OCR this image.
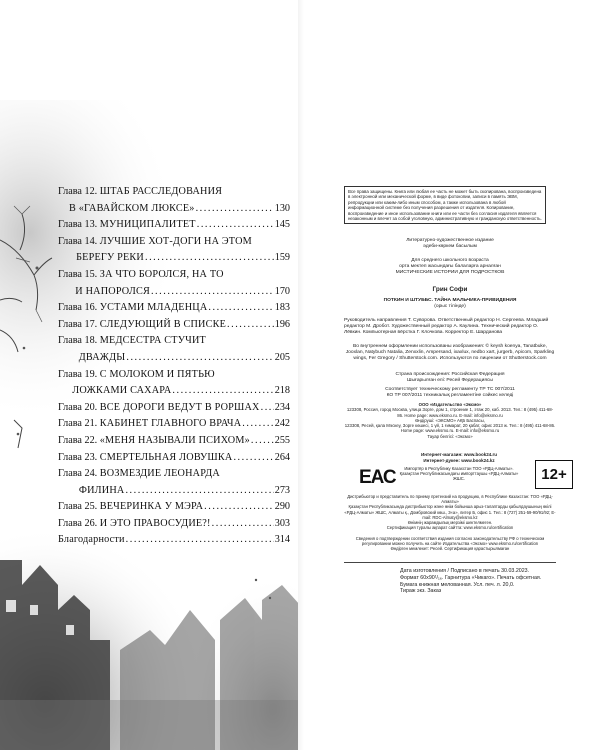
Глава 12. ШТАБ РАССЛЕДОВАНИЯ
В «ГАВАЙСКОМ ЛЮКСЕ» . . .	130
Глава 13. МУНИЦИПАЛИТЕТ . . .	145
Глава 14. ЛУЧШИЕ ХОТ-ДОГИ НА ЭТОМ
БЕРЕГУ РЕКИ . . .	159
Глава 15. ЗА ЧТО БОРОЛСЯ, НА ТО
И НАПОРОЛСЯ . . .	170
Глава 16. УСТАМИ МЛАДЕНЦА . . .	183
Глава 17. СЛЕДУЮЩИЙ В СПИСКЕ . . .	196
Глава 18. МЕДСЕСТРА СТУЧИТ
ДВАЖДЫ . . .	205
Глава 19. С МОЛОКОМ И ПЯТЬЮ
ЛОЖКАМИ САХАРА . . .	218
Глава 20. ВСЕ ДОРОГИ ВЕДУТ В РОРШАХ . . . 234
Глава 21. КАБИНЕТ ГЛАВНОГО ВРАЧА . . .	242
Глава 22. «МЕНЯ НАЗЫВАЛИ ПСИХОМ» . . . 255
Глава 23. СМЕРТЕЛЬНАЯ ЛОВУШКА . . .	264
Глава 24. ВОЗМЕЗДИЕ ЛЕОНАРДА
ФИЛИНА . . .	273
Глава 25. ВЕЧЕРИНКА У МЭРА . . .	290
Глава 26. И ЭТО ПРАВОСУДИЕ?! . . .	303
Благодарности . . .	314
Все права защищены. Книга или любая ее часть не может быть скопирована, воспроизведена в электронной или механической форме, в виде фотокопии, записи в память ЭВМ, репродукции или каким-либо иным способом, а также использована в любой информационной системе без получения разрешения от издателя. Копирование, воспроизведение и иное использование книги или ее части без согласия издателя является незаконным и влечет за собой уголовную, административную и гражданскую ответственность.
Литературно-художественное издание
әдеби-көркем басылым
Для среднего школьного возраста
орта мектеп жасындағы балаларға арналған
МИСТИЧЕСКИЕ ИСТОРИИ ДЛЯ ПОДРОСТКОВ
Грин Софи
ПОТКИН И ШТУББС. ТАЙНА МАЛЬЧИКА-ПРИВИДЕНИЯ
(орыс тілінде)
Руководитель направления Т. Суворова. Ответственный редактор Н. Сергеева. Младший редактор М. Дробот. Художественный редактор А. Каулина. Технический редактор О. Лёвкин. Компьютерная вёрстка Г. Клочкова. Корректор Е. Шарданова
Во внутреннем оформлении использованы изображения: © keysh koenya, Tanatbuke, Jooxlan, Natybuch Natalia, Zenxxlin, Ampersand, ixaxlux, nedbo xart, jurgerb, Apicom, Sparkling wings, Fer Gregory / Shutterstock.com. Используются по лицензии от Shutterstock.com
Страна происхождения: Российская Федерация
Шығарылған елі: Ресей Федерациясы
Соответствует техническому регламенту ТР ТС 007/2011
КО ТР 007/2011 техникалық регламентіне сәйкес келеді
ООО «Издательство «Эксмо»
123308, Россия, город Москва, улица Зорге, дом 1, строение 1, этаж 20, каб. 2013. Тел.: 8 (495) 411-68-86. Home page: www.eksmo.ru. E-mail: info@eksmo.ru
Өндіруші: «ЭКСМО» АҚБ Баспасы,
123308, Ресей, қала Мәскеу, Зорге көшесі, 1 үй, 1 ғимарат, 20 қабат, офис 2013 ж. Тел.: 8 (495) 411-68-86. Home page: www.eksmo.ru. E-mail: info@eksmo.ru
Тауар белгісі: «Эксмо»
ЕАС
Интернет-магазин: www.book24.ru
Интернет-дүкен: www.book24.kz
Импортёр в Республику Казахстан ТОО «РДЦ-Алматы».
Қазақстан Республикасындағы импорттаушы «РДЦ-Алматы» ЖШС.	12+
Дистрибьютор и представитель по приему претензий на продукцию, в Республике Казахстан: ТОО «РДЦ-Алматы»
Қазақстан Республикасында дистрибьютор және өнім бойынша арыз-талаптарды қабылдаушының өкілі «РДЦ-Алматы» ЖШС, Алматы қ., Домбровский көш., 3«а», литер Б, офис 1. Тел.: 8 (727) 251-59-90/91/92; E-mail: RDC-Almaty@eksmo.kz
Өнімнің жарамдылық мерзімі шектелмеген.
Сертификация туралы ақпарат сайтта: www.eksmo.ru/certification
Сведения о подтверждении соответствия издания согласно законодательству РФ о техническом регулировании можно получить на сайте Издательства «Эксмо» www.eksmo.ru/certification
Өндірген мемлекет: Ресей. Сертификация қарастырылмаған
Дата изготовления / Подписано в печать 30.03.2023.
Формат 60x90¹/₁₆. Гарнитура «Чикаго». Печать офсетная.
Бумага книжная мелованная. Усл. печ. л. 20,0.
Тираж экз. Заказ
